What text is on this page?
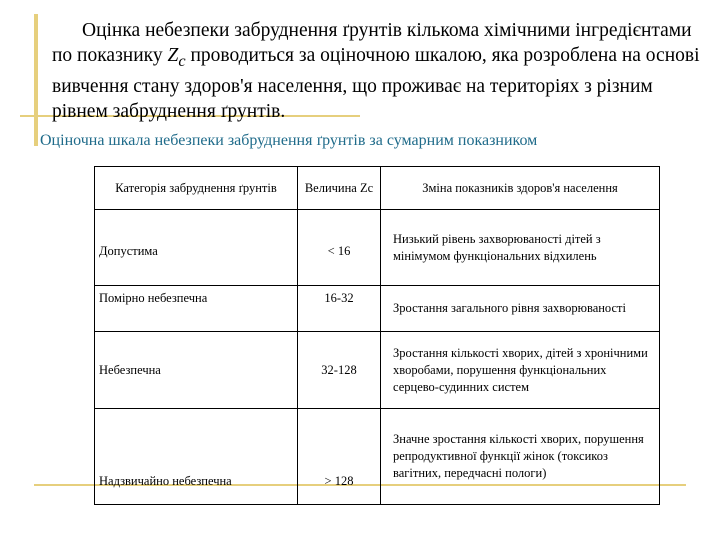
Оцінка небезпеки забруднення ґрунтів кількома хімічними інгредієнтами по показнику $Z_c$ проводиться за оціночною шкалою, яка розроблена на основі вивчення стану здоров'я населення, що проживає на територіях з різним рівнем забруднення ґрунтів.
Оціночна шкала небезпеки забруднення ґрунтів за сумарним показником
Категорія забруднення ґрунтів	Величина Zc	Зміна показників здоров'я населення
Допустима	< 16	Низький рівень захворюваності дітей з мінімумом функціональних відхилень
Помірно небезпечна	16-32	Зростання загального рівня захворюваності
Небезпечна	32-128	Зростання кількості хворих, дітей з хронічними хворобами, порушення функціональних серцево-судинних систем
Надзвичайно небезпечна	> 128	Значне зростання кількості хворих, порушення репродуктивної функції жінок (токсикоз вагітних, передчасні пологи)
